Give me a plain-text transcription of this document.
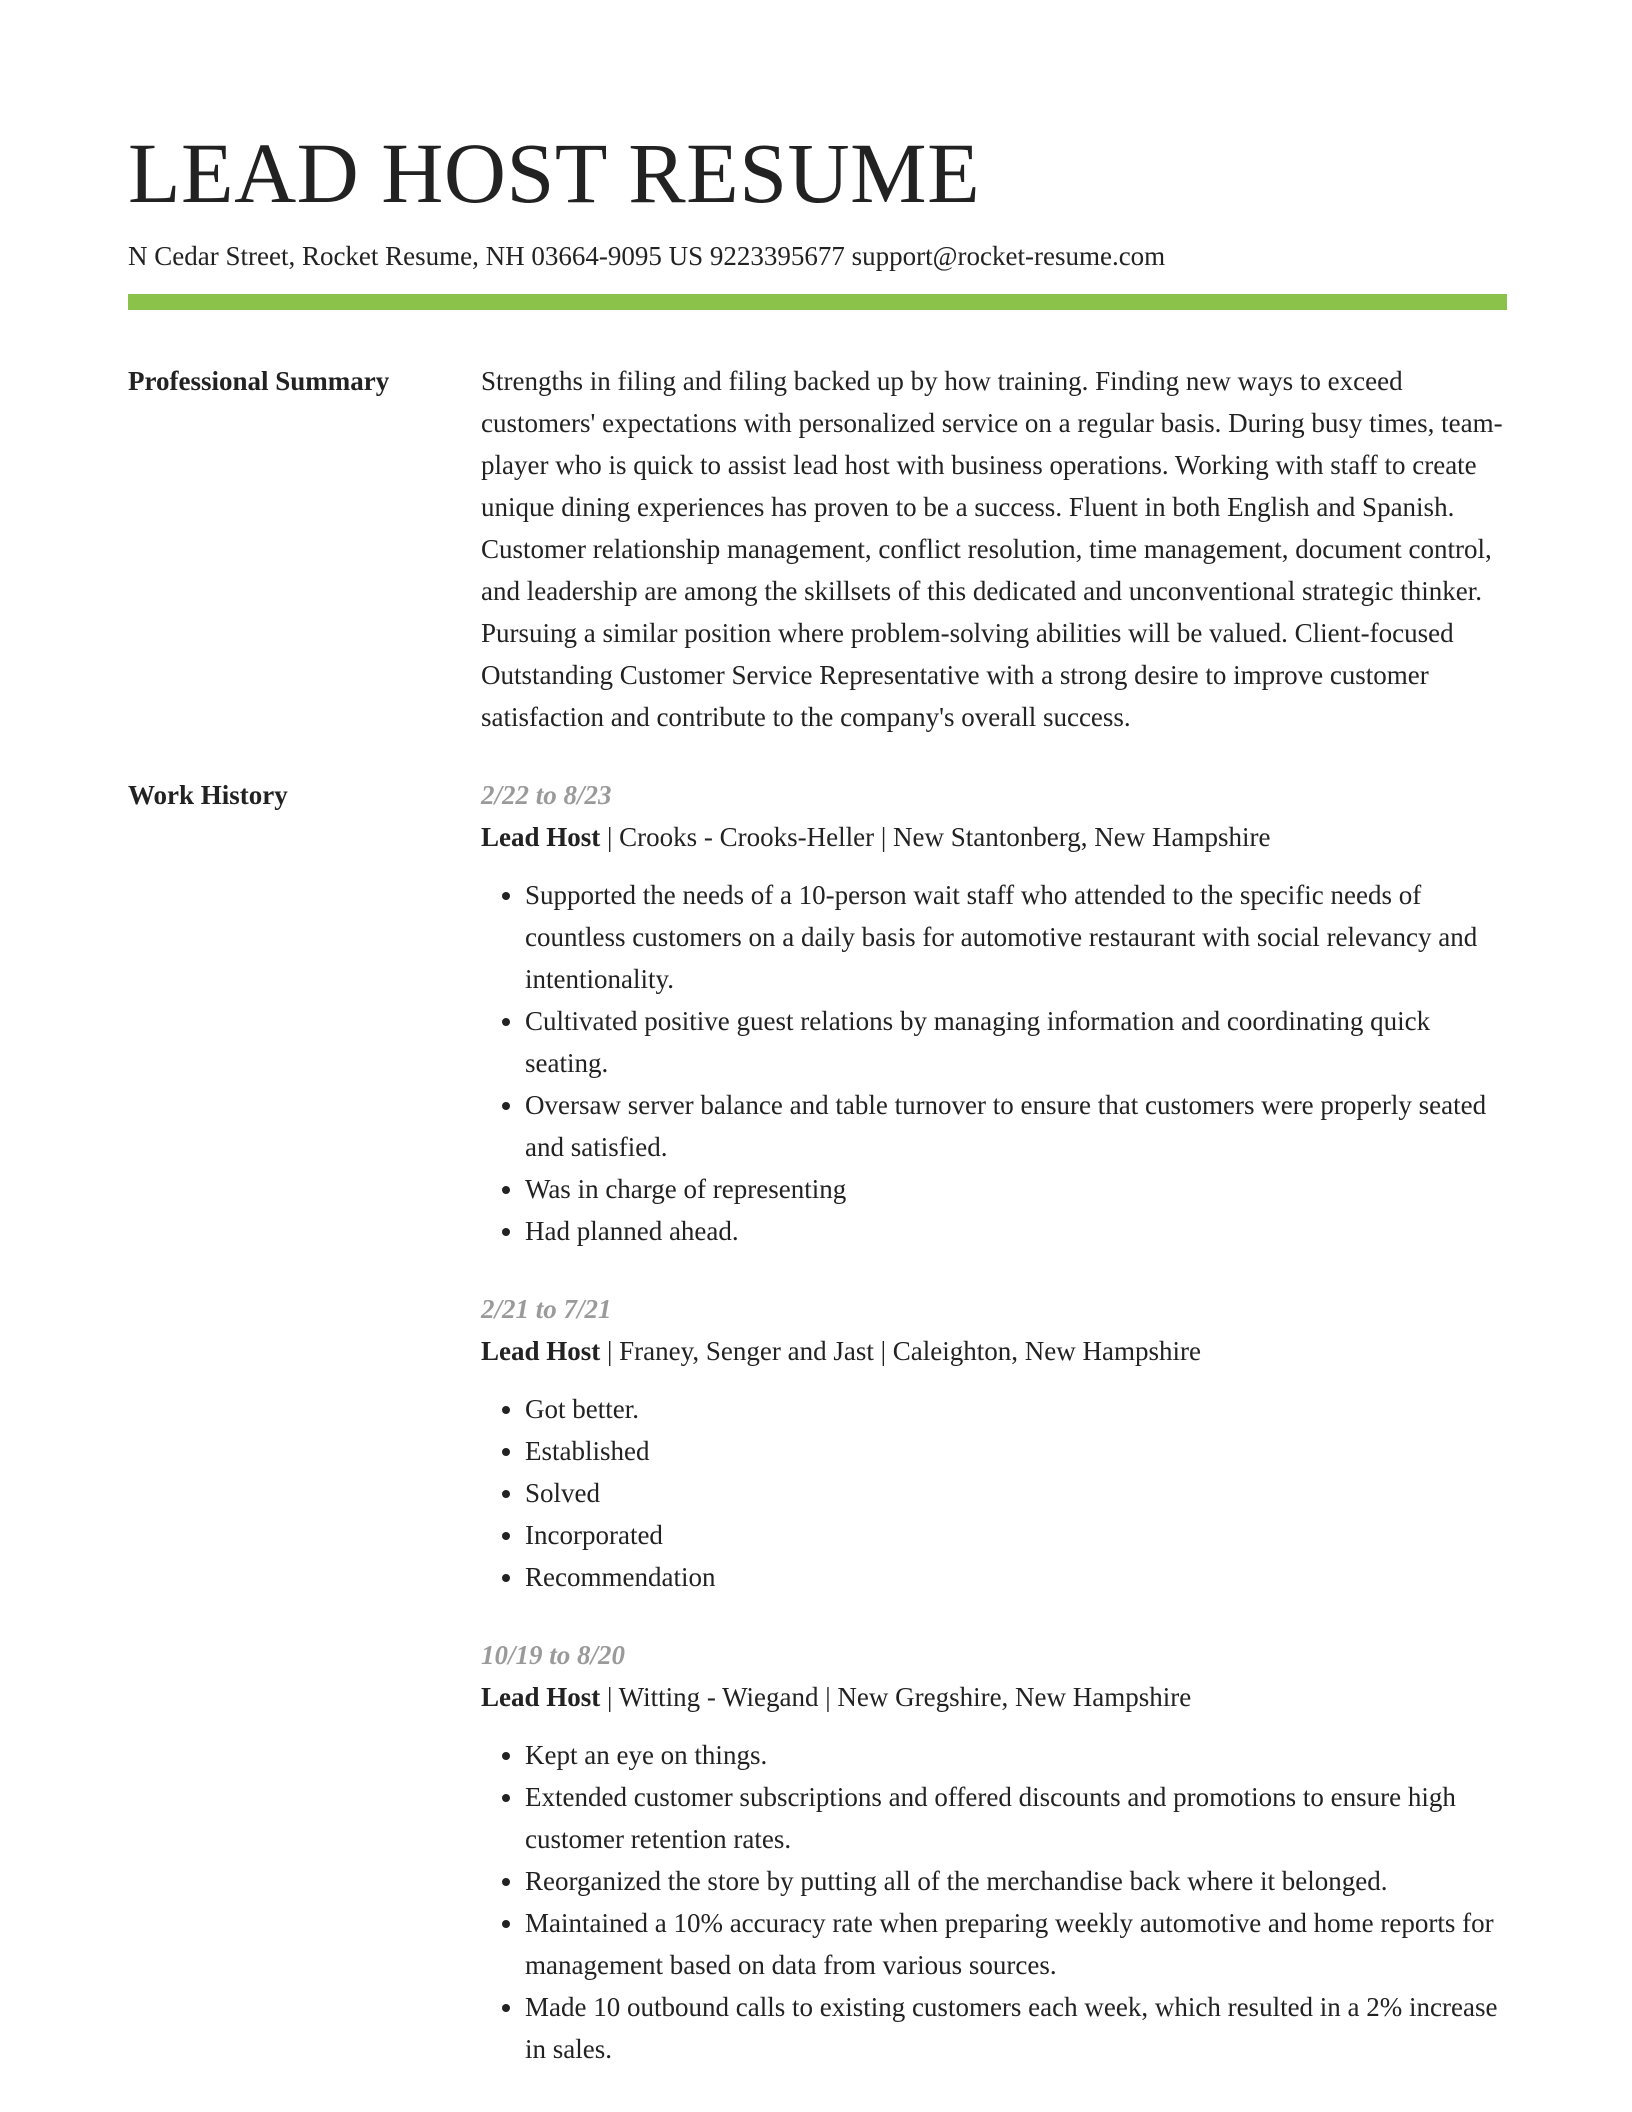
LEAD HOST RESUME
N Cedar Street, Rocket Resume, NH 03664-9095 US 9223395677 support@rocket-resume.com
Professional Summary	Strengths in filing and filing backed up by how training. Finding new ways to exceed customers' expectations with personalized service on a regular basis. During busy times, team-player who is quick to assist lead host with business operations. Working with staff to create unique dining experiences has proven to be a success. Fluent in both English and Spanish. Customer relationship management, conflict resolution, time management, document control, and leadership are among the skillsets of this dedicated and unconventional strategic thinker. Pursuing a similar position where problem-solving abilities will be valued. Client-focused Outstanding Customer Service Representative with a strong desire to improve customer satisfaction and contribute to the company's overall success.
Work History	2/22 to 8/23
Lead Host | Crooks - Crooks-Heller | New Stantonberg, New Hampshire
• Supported the needs of a 10-person wait staff who attended to the specific needs of countless customers on a daily basis for automotive restaurant with social relevancy and intentionality.
• Cultivated positive guest relations by managing information and coordinating quick seating.
• Oversaw server balance and table turnover to ensure that customers were properly seated and satisfied.
• Was in charge of representing
• Had planned ahead.
2/21 to 7/21
Lead Host | Franey, Senger and Jast | Caleighton, New Hampshire
• Got better.
• Established
• Solved
• Incorporated
• Recommendation
10/19 to 8/20
Lead Host | Witting - Wiegand | New Gregshire, New Hampshire
• Kept an eye on things.
• Extended customer subscriptions and offered discounts and promotions to ensure high customer retention rates.
• Reorganized the store by putting all of the merchandise back where it belonged.
• Maintained a 10% accuracy rate when preparing weekly automotive and home reports for management based on data from various sources.
• Made 10 outbound calls to existing customers each week, which resulted in a 2% increase in sales.
